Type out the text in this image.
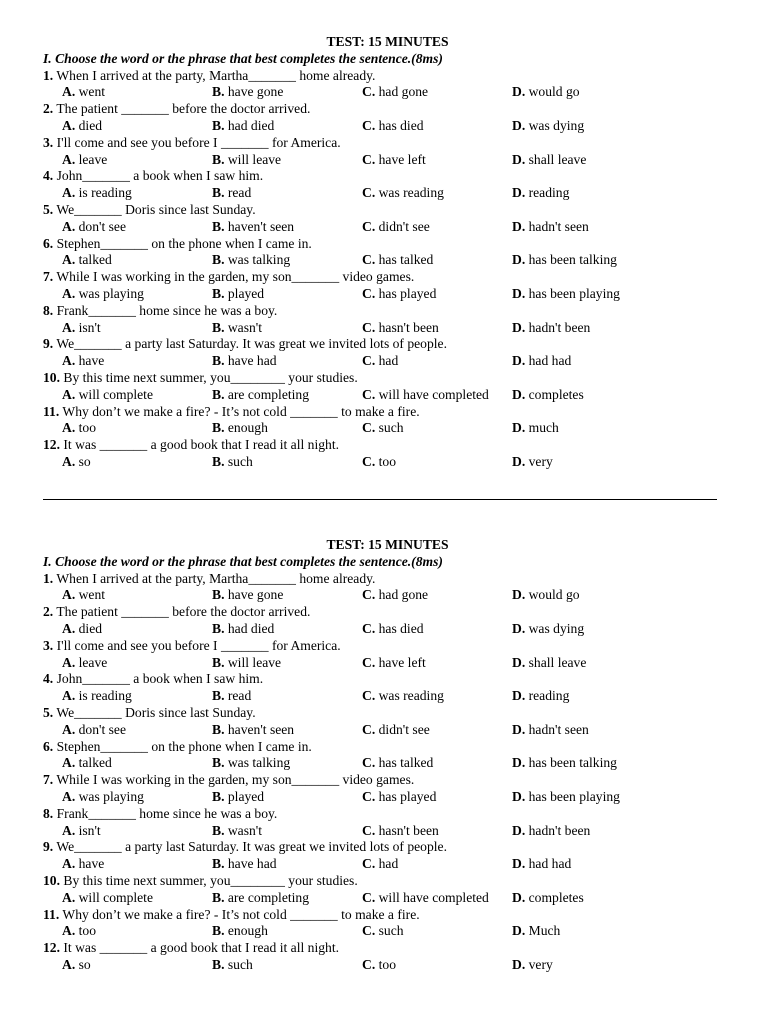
TEST: 15 MINUTES

I. Choose the word or the phrase that best completes the sentence.(8ms)

1. When I arrived at the party, Martha_______ home already.

A. went	B. have gone	C. had gone	D. would go

2. The patient _______ before the doctor arrived.

A. died	B. had died	C. has died	D. was dying

3. I'll come and see you before I _______ for America.

A. leave	B. will leave	C. have left	D. shall leave

4. John_______ a book when I saw him.

A. is reading	B. read	C. was reading	D. reading

5. We_______ Doris since last Sunday.

A. don't see	B. haven't seen	C. didn't see	D. hadn't seen

6. Stephen_______ on the phone when I came in.

A. talked	B. was talking	C. has talked	D. has been talking

7. While I was working in the garden, my son_______ video games.

A. was playing	B. played	C. has played	D. has been playing

8. Frank_______ home since he was a boy.

A. isn't	B. wasn't	C. hasn't been	D. hadn't been

9. We_______ a party last Saturday. It was great we invited lots of people.

A. have	B. have had	C. had	D. had had

10. By this time next summer, you________ your studies.

A. will complete	B. are completing	C. will have completed D. completes

11. Why don’t we make a fire? - It’s not cold _______ to make a fire.

A. too	B. enough	C. such	D. much

12. It was _______ a good book that I read it all night.

A. so	B. such	C. too	D. very

TEST: 15 MINUTES

I. Choose the word or the phrase that best completes the sentence.(8ms)

1. When I arrived at the party, Martha_______ home already.

A. went	B. have gone	C. had gone	D. would go

2. The patient _______ before the doctor arrived.

A. died	B. had died	C. has died	D. was dying

3. I'll come and see you before I _______ for America.

A. leave	B. will leave	C. have left	D. shall leave

4. John_______ a book when I saw him.

A. is reading	B. read	C. was reading	D. reading

5. We_______ Doris since last Sunday.

A. don't see	B. haven't seen	C. didn't see	D. hadn't seen

6. Stephen_______ on the phone when I came in.

A. talked	B. was talking	C. has talked	D. has been talking

7. While I was working in the garden, my son_______ video games.

A. was playing	B. played	C. has played	D. has been playing

8. Frank_______ home since he was a boy.

A. isn't	B. wasn't	C. hasn't been	D. hadn't been

9. We_______ a party last Saturday. It was great we invited lots of people.

A. have	B. have had	C. had	D. had had

10. By this time next summer, you________ your studies.

A. will complete	B. are completing	C. will have completed D. completes

11. Why don’t we make a fire? - It’s not cold _______ to make a fire.

A. too	B. enough	C. such	D. Much

12. It was _______ a good book that I read it all night.

A. so	B. such	C. too	D. very
